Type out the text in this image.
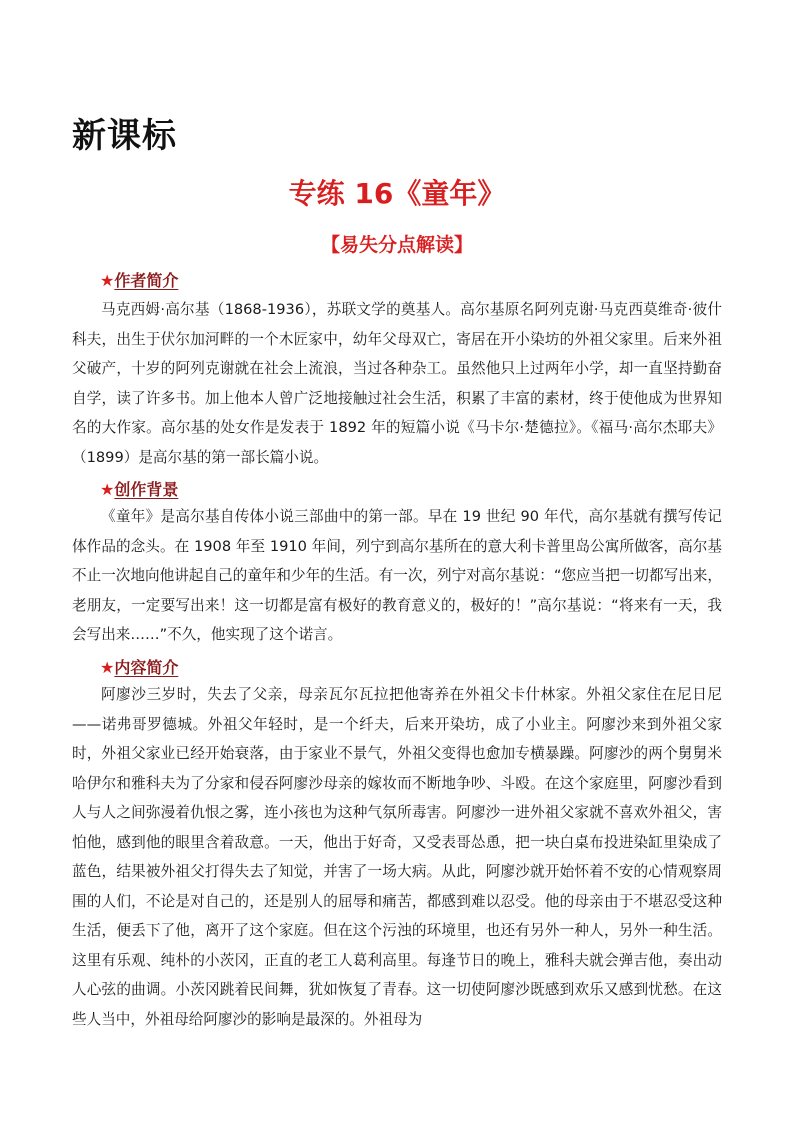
新课标
专练 16《童年》
【易失分点解读】
★作者简介

马克西姆·高尔基（1868-1936），苏联文学的奠基人。高尔基原名阿列克谢·马克西莫维奇·彼什科夫，出生于伏尔加河畔的一个木匠家中，幼年父母双亡，寄居在开小染坊的外祖父家里。后来外祖父破产，十岁的阿列克谢就在社会上流浪，当过各种杂工。虽然他只上过两年小学，却一直坚持勤奋自学，读了许多书。加上他本人曾广泛地接触过社会生活，积累了丰富的素材，终于使他成为世界知名的大作家。高尔基的处女作是发表于 1892 年的短篇小说《马卡尔·楚德拉》。《福马·高尔杰耶夫》（1899）是高尔基的第一部长篇小说。

★创作背景

《童年》是高尔基自传体小说三部曲中的第一部。早在 19 世纪 90 年代，高尔基就有撰写传记体作品的念头。在 1908 年至 1910 年间，列宁到高尔基所在的意大利卡普里岛公寓所做客，高尔基不止一次地向他讲起自己的童年和少年的生活。有一次，列宁对高尔基说：“您应当把一切都写出来，老朋友，一定要写出来！这一切都是富有极好的教育意义的，极好的！”高尔基说：“将来有一天，我会写出来……”不久，他实现了这个诺言。

★内容简介

阿廖沙三岁时，失去了父亲，母亲瓦尔瓦拉把他寄养在外祖父卡什林家。外祖父家住在尼日尼——诺弗哥罗德城。外祖父年轻时，是一个纤夫，后来开染坊，成了小业主。阿廖沙来到外祖父家时，外祖父家业已经开始衰落，由于家业不景气，外祖父变得也愈加专横暴躁。阿廖沙的两个舅舅米哈伊尔和雅科夫为了分家和侵吞阿廖沙母亲的嫁妆而不断地争吵、斗殴。在这个家庭里，阿廖沙看到人与人之间弥漫着仇恨之雾，连小孩也为这种气氛所毒害。阿廖沙一进外祖父家就不喜欢外祖父，害怕他，感到他的眼里含着敌意。一天，他出于好奇，又受表哥怂恿，把一块白桌布投进染缸里染成了蓝色，结果被外祖父打得失去了知觉，并害了一场大病。从此，阿廖沙就开始怀着不安的心情观察周围的人们，不论是对自己的，还是别人的屈辱和痛苦，都感到难以忍受。他的母亲由于不堪忍受这种生活，便丢下了他，离开了这个家庭。但在这个污浊的环境里，也还有另外一种人，另外一种生活。这里有乐观、纯朴的小茨冈，正直的老工人葛利高里。每逢节日的晚上，雅科夫就会弹吉他，奏出动人心弦的曲调。小茨冈跳着民间舞，犹如恢复了青春。这一切使阿廖沙既感到欢乐又感到忧愁。在这些人当中，外祖母给阿廖沙的影响是最深的。外祖母为
